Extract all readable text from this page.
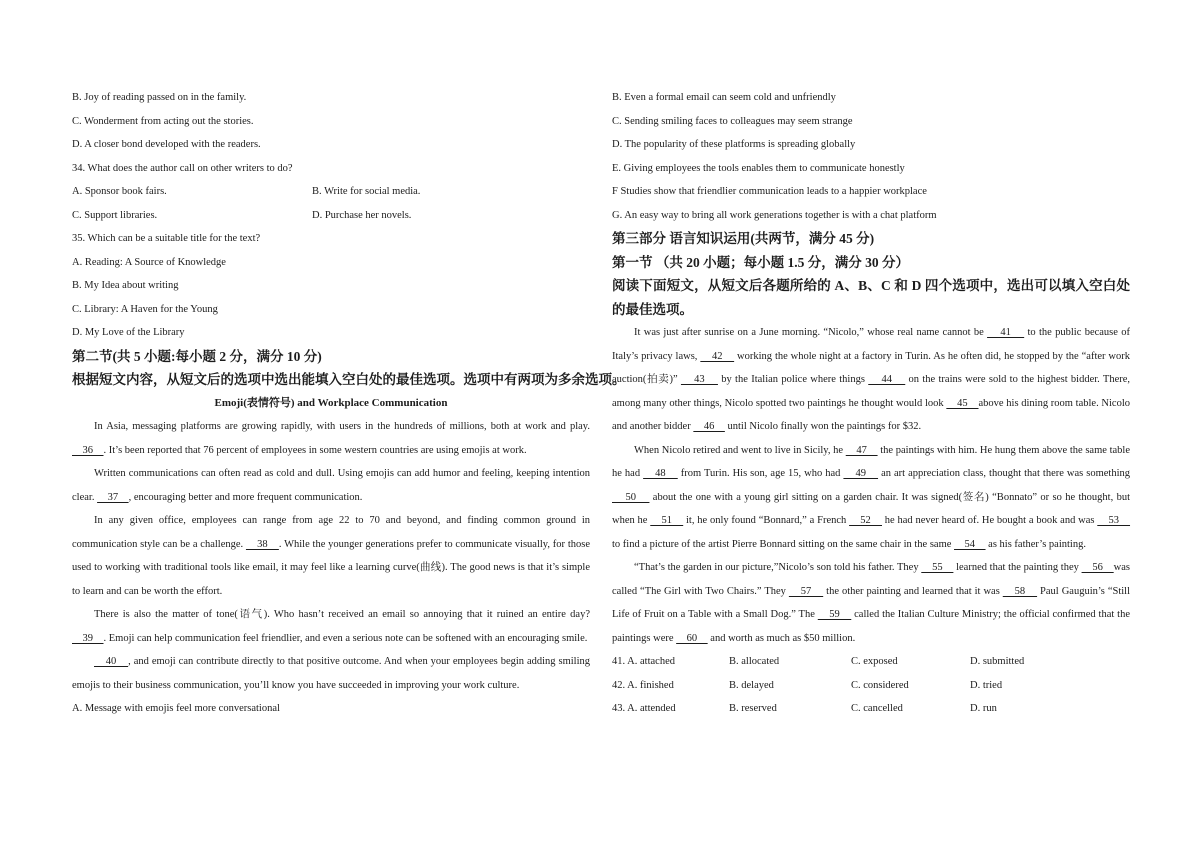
B. Joy of reading passed on in the family.
C. Wonderment from acting out the stories.
D. A closer bond developed with the readers.
34. What does the author call on other writers to do?
A. Sponsor book fairs.	B. Write for social media.
C. Support libraries.	D. Purchase her novels.
35. Which can be a suitable title for the text?
A. Reading: A Source of Knowledge
B. My Idea about writing
C. Library: A Haven for the Young
D. My Love of the Library
第二节(共 5 小题:每小题 2 分，满分 10 分)
根据短文内容，从短文后的选项中选出能填入空白处的最佳选项。选项中有两项为多余选项。
Emoji(表情符号) and Workplace Communication

In Asia, messaging platforms are growing rapidly, with users in the hundreds of millions, both at work and play.     36    . It’s been reported that 76 percent of employees in some western countries are using emojis at work.

Written communications can often read as cold and dull. Using emojis can add humor and feeling, keeping intention clear.     37    , encouraging better and more frequent communication.

In any given office, employees can range from age 22 to 70 and beyond, and finding common ground in communication style can be a challenge.     38    . While the younger generations prefer to communicate visually, for those used to working with traditional tools like email, it may feel like a learning curve(曲线). The good news is that it’s simple to learn and can be worth the effort.

There is also the matter of tone(语气). Who hasn’t received an email so annoying that it ruined an entire day?     39    . Emoji can help communication feel friendlier, and even a serious note can be softened with an encouraging smile.

40    , and emoji can contribute directly to that positive outcome. And when your employees begin adding smiling emojis to their business communication, you’ll know you have succeeded in improving your work culture.

A. Message with emojis feel more conversational
B. Even a formal email can seem cold and unfriendly
C. Sending smiling faces to colleagues may seem strange
D. The popularity of these platforms is spreading globally
E. Giving employees the tools enables them to communicate honestly
F Studies show that friendlier communication leads to a happier workplace
G. An easy way to bring all work generations together is with a chat platform
第三部分 语言知识运用(共两节，满分 45 分)
第一节 （共 20 小题；每小题 1.5 分，满分 30 分）
阅读下面短文，从短文后各题所给的 A、B、C 和 D 四个选项中，选出可以填入空白处的最佳选项。

It was just after sunrise on a June morning. “Nicolo,” whose real name cannot be     41     to the public because of Italy’s privacy laws,     42     working the whole night at a factory in Turin. As he often did, he stopped by the “after work auction(拍卖)”     43     by the Italian police where things     44     on the trains were sold to the highest bidder. There, among many other things, Nicolo spotted two paintings he thought would look     45    above his dining room table. Nicolo and another bidder     46     until Nicolo finally won the paintings for $32.

When Nicolo retired and went to live in Sicily, he     47     the paintings with him. He hung them above the same table he had     48     from Turin. His son, age 15, who had     49     an art appreciation class, thought that there was something     50     about the one with a young girl sitting on a garden chair. It was signed(签名) “Bonnato” or so he thought, but when he     51     it, he only found “Bonnard,” a French     52     he had never heard of. He bought a book and was     53     to find a picture of the artist Pierre Bonnard sitting on the same chair in the same     54     as his father’s painting.

“That’s the garden in our picture,”Nicolo’s son told his father. They     55     learned that the painting they     56    was called “The Girl with Two Chairs.” They     57     the other painting and learned that it was     58     Paul Gauguin’s “Still Life of Fruit on a Table with a Small Dog.” The     59     called the Italian Culture Ministry; the official confirmed that the paintings were     60     and worth as much as $50 million.

41. A. attached	B. allocated	C. exposed	D. submitted
42. A. finished	B. delayed	C. considered	D. tried
43. A. attended	B. reserved	C. cancelled	D. run
